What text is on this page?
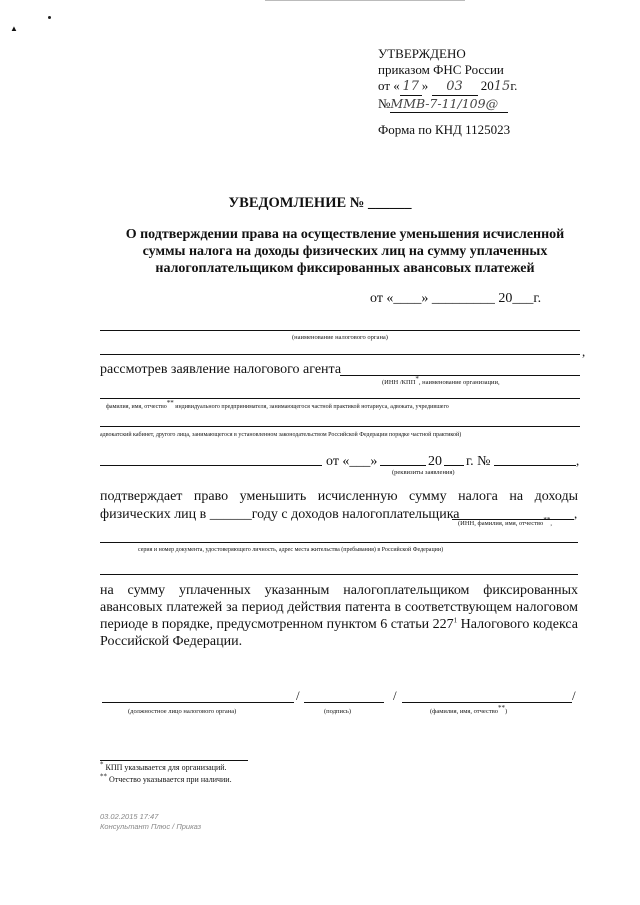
▲
УТВЕРЖДЕНО
приказом ФНС России
от « 17 » 03 2015г.
№ММВ-7-11/109@
Форма по КНД 1125023
УВЕДОМЛЕНИЕ № ______
О подтверждении права на осуществление уменьшения исчисленной
суммы налога на доходы физических лиц на сумму уплаченных
налогоплательщиком фиксированных авансовых платежей
от «____» _________ 20___г.
(наименование налогового органа)
,
рассмотрев заявление налогового агента
(ИНН /КПП*, наименование организации,
фамилия, имя, отчество** индивидуального предпринимателя, занимающегося частной практикой нотариуса, адвоката, учредившего
адвокатский кабинет, другого лица, занимающегося в установленном законодательством Российской Федерации порядке частной практикой)
от «___»	20 г. №	,
(реквизиты заявления)
подтверждает право уменьшить исчисленную сумму налога на доходы
физических лиц в ______году с доходов налогоплательщика	,
(ИНН, фамилия, имя, отчество**,
серия и номер документа, удостоверяющего личность, адрес места жительства (пребывания) в Российской Федерации)
на сумму уплаченных указанным налогоплательщиком фиксированных
авансовых платежей за период действия патента в соответствующем налоговом
периоде в порядке, предусмотренном пунктом 6 статьи $227^1$ Налогового кодекса
Российской Федерации.
/	/	/
(должностное лицо налогового органа)	(подпись)	(фамилия, имя, отчество**)
* КПП указывается для организаций.
** Отчество указывается при наличии.
03.02.2015 17:47
Консультант Плюс / Приказ
